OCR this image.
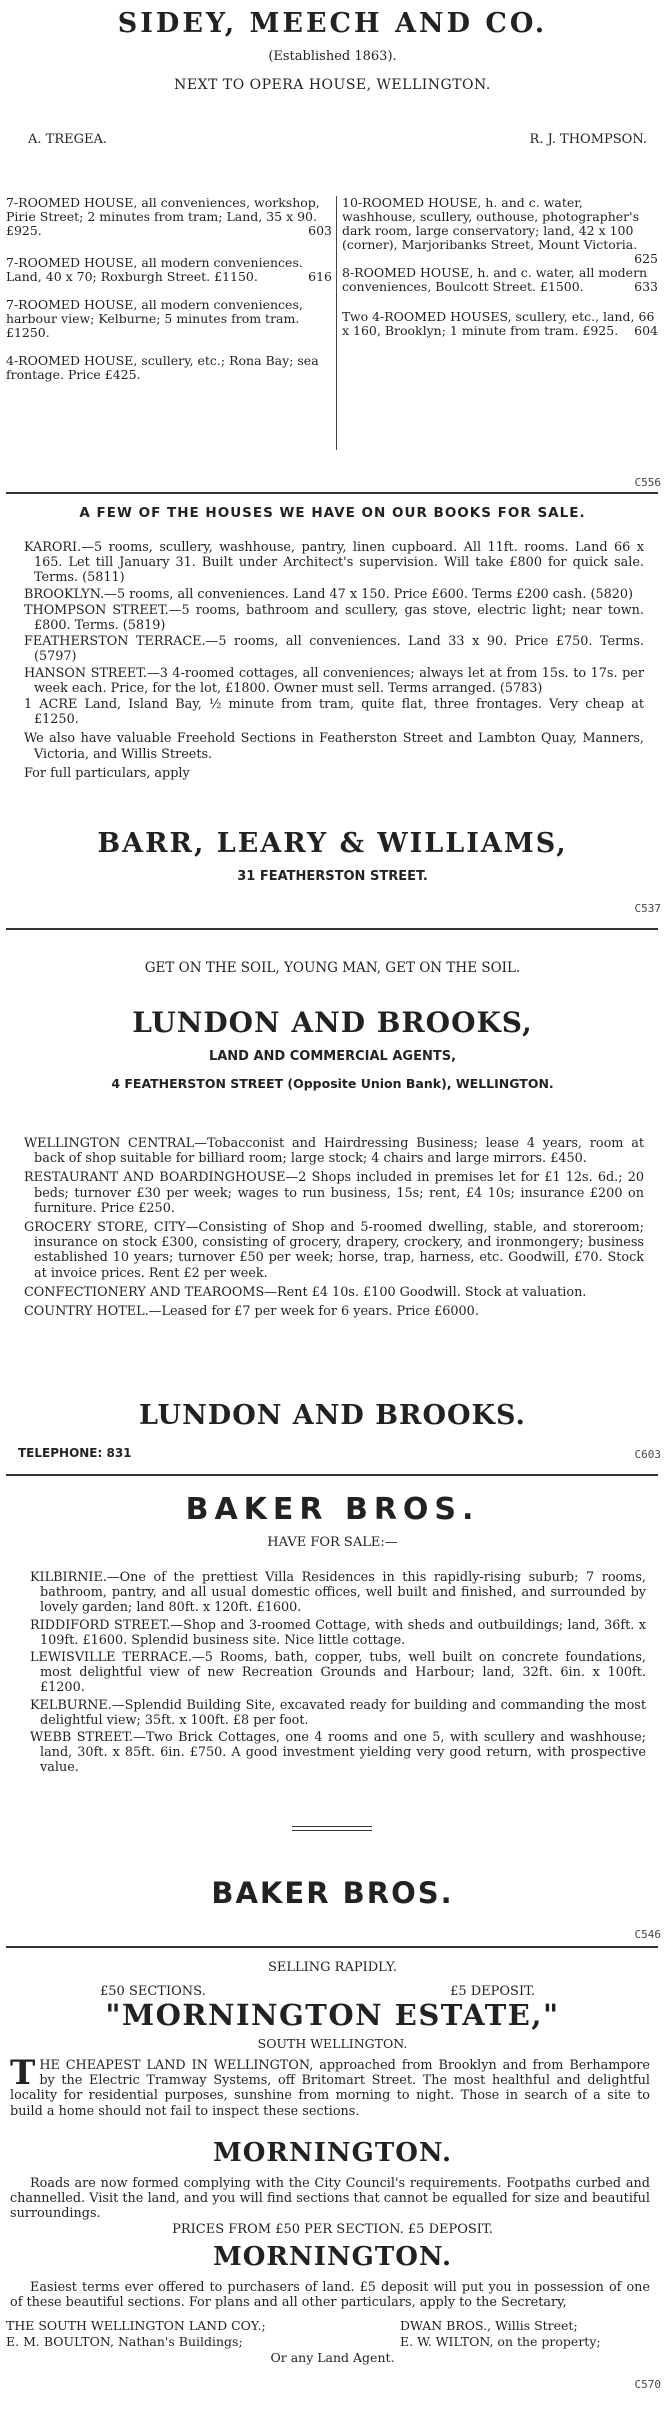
SIDEY, MEECH AND CO.
(Established 1863).
NEXT TO OPERA HOUSE, WELLINGTON.
A. TREGEA.	R. J. THOMPSON.
7-ROOMED HOUSE, all conveniences, workshop, Pirie Street; 2 minutes from tram; Land, 35 x 90. £925.	603
7-ROOMED HOUSE, all modern conveniences. Land, 40 x 70; Roxburgh Street. £1150.	616
7-ROOMED HOUSE, all modern conveniences, harbour view; Kelburne; 5 minutes from tram. £1250.
4-ROOMED HOUSE, scullery, etc.; Rona Bay; sea frontage. Price £425.
10-ROOMED HOUSE, h. and c. water, washhouse, scullery, outhouse, photographer's dark room, large conservatory; land, 42 x 100 (corner), Marjoribanks Street, Mount Victoria.
625
8-ROOMED HOUSE, h. and c. water, all modern conveniences, Boulcott Street. £1500.	633
Two 4-ROOMED HOUSES, scullery, etc., land, 66 x 160, Brooklyn; 1 minute from tram. £925. 604
C556
A FEW OF THE HOUSES WE HAVE ON OUR BOOKS FOR SALE.
KARORI.—5 rooms, scullery, washhouse, pantry, linen cupboard. All 11ft. rooms. Land 66 x 165. Let till January 31. Built under Architect's supervision. Will take £800 for quick sale. Terms. (5811)
BROOKLYN.—5 rooms, all conveniences. Land 47 x 150. Price £600. Terms £200 cash. (5820)
THOMPSON STREET.—5 rooms, bathroom and scullery, gas stove, electric light; near town. £800. Terms. (5819)
FEATHERSTON TERRACE.—5 rooms, all conveniences. Land 33 x 90. Price £750. Terms. (5797)
HANSON STREET.—3 4-roomed cottages, all conveniences; always let at from 15s. to 17s. per week each. Price, for the lot, £1800. Owner must sell. Terms arranged. (5783)
1 ACRE Land, Island Bay, ½ minute from tram, quite flat, three frontages. Very cheap at £1250.
We also have valuable Freehold Sections in Featherston Street and Lambton Quay, Manners, Victoria, and Willis Streets.
For full particulars, apply
BARR, LEARY & WILLIAMS,
31 FEATHERSTON STREET.
C537
GET ON THE SOIL, YOUNG MAN, GET ON THE SOIL.
LUNDON AND BROOKS,
LAND AND COMMERCIAL AGENTS,
4 FEATHERSTON STREET (Opposite Union Bank), WELLINGTON.
WELLINGTON CENTRAL—Tobacconist and Hairdressing Business; lease 4 years, room at back of shop suitable for billiard room; large stock; 4 chairs and large mirrors. £450.
RESTAURANT AND BOARDINGHOUSE—2 Shops included in premises let for £1 12s. 6d.; 20 beds; turnover £30 per week; wages to run business, 15s; rent, £4 10s; insurance £200 on furniture. Price £250.
GROCERY STORE, CITY—Consisting of Shop and 5-roomed dwelling, stable, and storeroom; insurance on stock £300, consisting of grocery, drapery, crockery, and ironmongery; business established 10 years; turnover £50 per week; horse, trap, harness, etc. Goodwill, £70. Stock at invoice prices. Rent £2 per week.
CONFECTIONERY AND TEAROOMS—Rent £4 10s. £100 Goodwill. Stock at valuation.
COUNTRY HOTEL.—Leased for £7 per week for 6 years. Price £6000.
LUNDON AND BROOKS.
TELEPHONE: 831	C603
BAKER BROS.
HAVE FOR SALE:—
KILBIRNIE.—One of the prettiest Villa Residences in this rapidly-rising suburb; 7 rooms, bathroom, pantry, and all usual domestic offices, well built and finished, and surrounded by lovely garden; land 80ft. x 120ft. £1600.
RIDDIFORD STREET.—Shop and 3-roomed Cottage, with sheds and outbuildings; land, 36ft. x 109ft. £1600. Splendid business site. Nice little cottage.
LEWISVILLE TERRACE.—5 Rooms, bath, copper, tubs, well built on concrete foundations, most delightful view of new Recreation Grounds and Harbour; land, 32ft. 6in. x 100ft. £1200.
KELBURNE.—Splendid Building Site, excavated ready for building and commanding the most delightful view; 35ft. x 100ft. £8 per foot.
WEBB STREET.—Two Brick Cottages, one 4 rooms and one 5, with scullery and washhouse; land, 30ft. x 85ft. 6in. £750. A good investment yielding very good return, with prospective value.
BAKER BROS.
C546
SELLING RAPIDLY.
£50 SECTIONS.	£5 DEPOSIT.
"MORNINGTON ESTATE,"
SOUTH WELLINGTON.
THE CHEAPEST LAND IN WELLINGTON, approached from Brooklyn and from Berhampore by the Electric Tramway Systems, off Britomart Street. The most healthful and delightful locality for residential purposes, sunshine from morning to night. Those in search of a site to build a home should not fail to inspect these sections.
MORNINGTON.
Roads are now formed complying with the City Council's requirements. Footpaths curbed and channelled. Visit the land, and you will find sections that cannot be equalled for size and beautiful surroundings.
PRICES FROM £50 PER SECTION. £5 DEPOSIT.
MORNINGTON.
Easiest terms ever offered to purchasers of land. £5 deposit will put you in possession of one of these beautiful sections. For plans and all other particulars, apply to the Secretary,
THE SOUTH WELLINGTON LAND COY.;	DWAN BROS., Willis Street;
E. M. BOULTON, Nathan's Buildings;	E. W. WILTON, on the property;
Or any Land Agent.
C570
